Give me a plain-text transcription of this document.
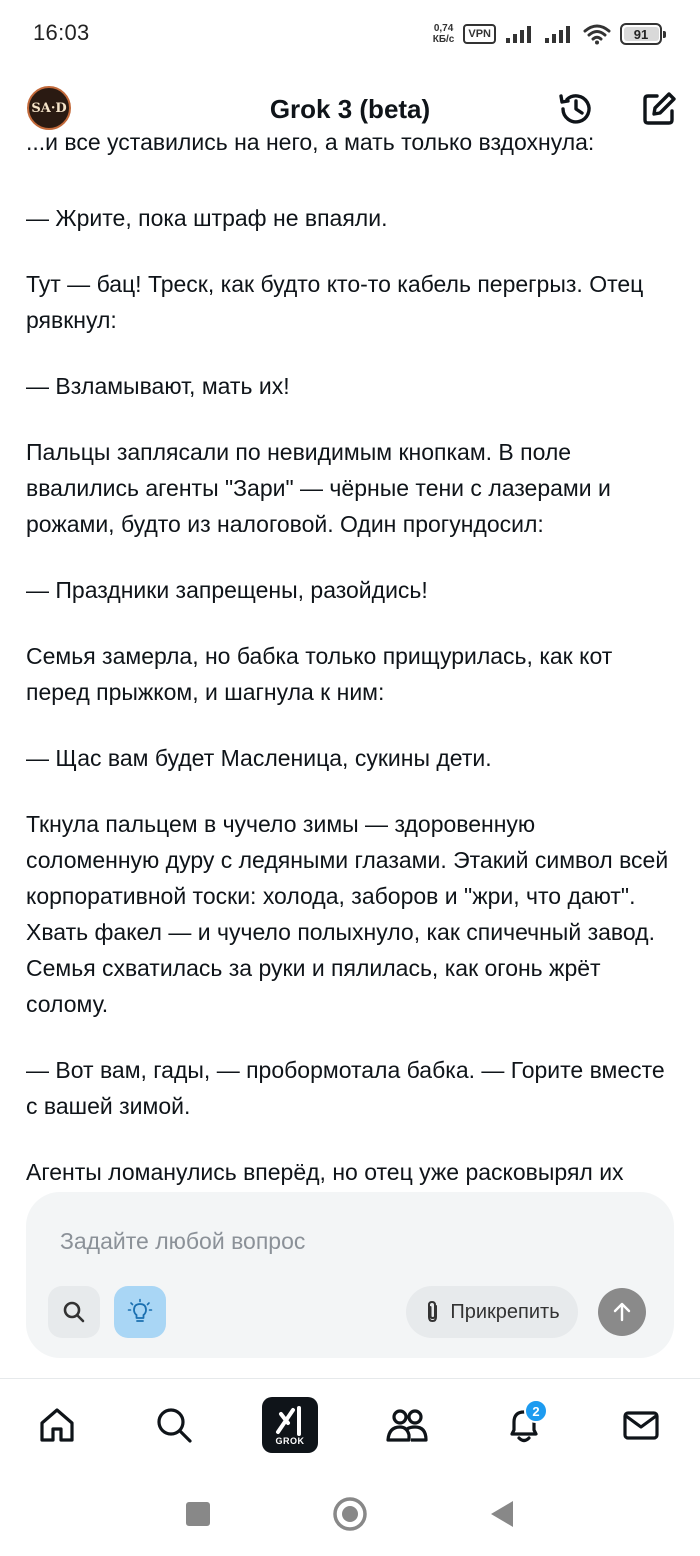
16:03	0,74
КБ/с	VPN	91
SA·D	Grok 3 (beta)
...и все уставились на него, а мать только вздохнула:

— Жрите, пока штраф не впаяли.

Тут — бац! Треск, как будто кто-то кабель перегрыз. Отец рявкнул:

— Взламывают, мать их!

Пальцы заплясали по невидимым кнопкам. В поле ввалились агенты "Зари" — чёрные тени с лазерами и рожами, будто из налоговой. Один прогундосил:

— Праздники запрещены, разойдись!

Семья замерла, но бабка только прищурилась, как кот перед прыжком, и шагнула к ним:

— Щас вам будет Масленица, сукины дети.

Ткнула пальцем в чучело зимы — здоровенную соломенную дуру с ледяными глазами. Этакий символ всей корпоративной тоски: холода, заборов и "жри, что дают". Хвать факел — и чучело полыхнуло, как спичечный завод. Семья схватилась за руки и пялилась, как огонь жрёт солому.

— Вот вам, гады, — пробормотала бабка. — Горите вместе с вашей зимой.

Агенты ломанулись вперёд, но отец уже расковырял их

Задайте любой вопрос
Прикрепить
GROK
2
